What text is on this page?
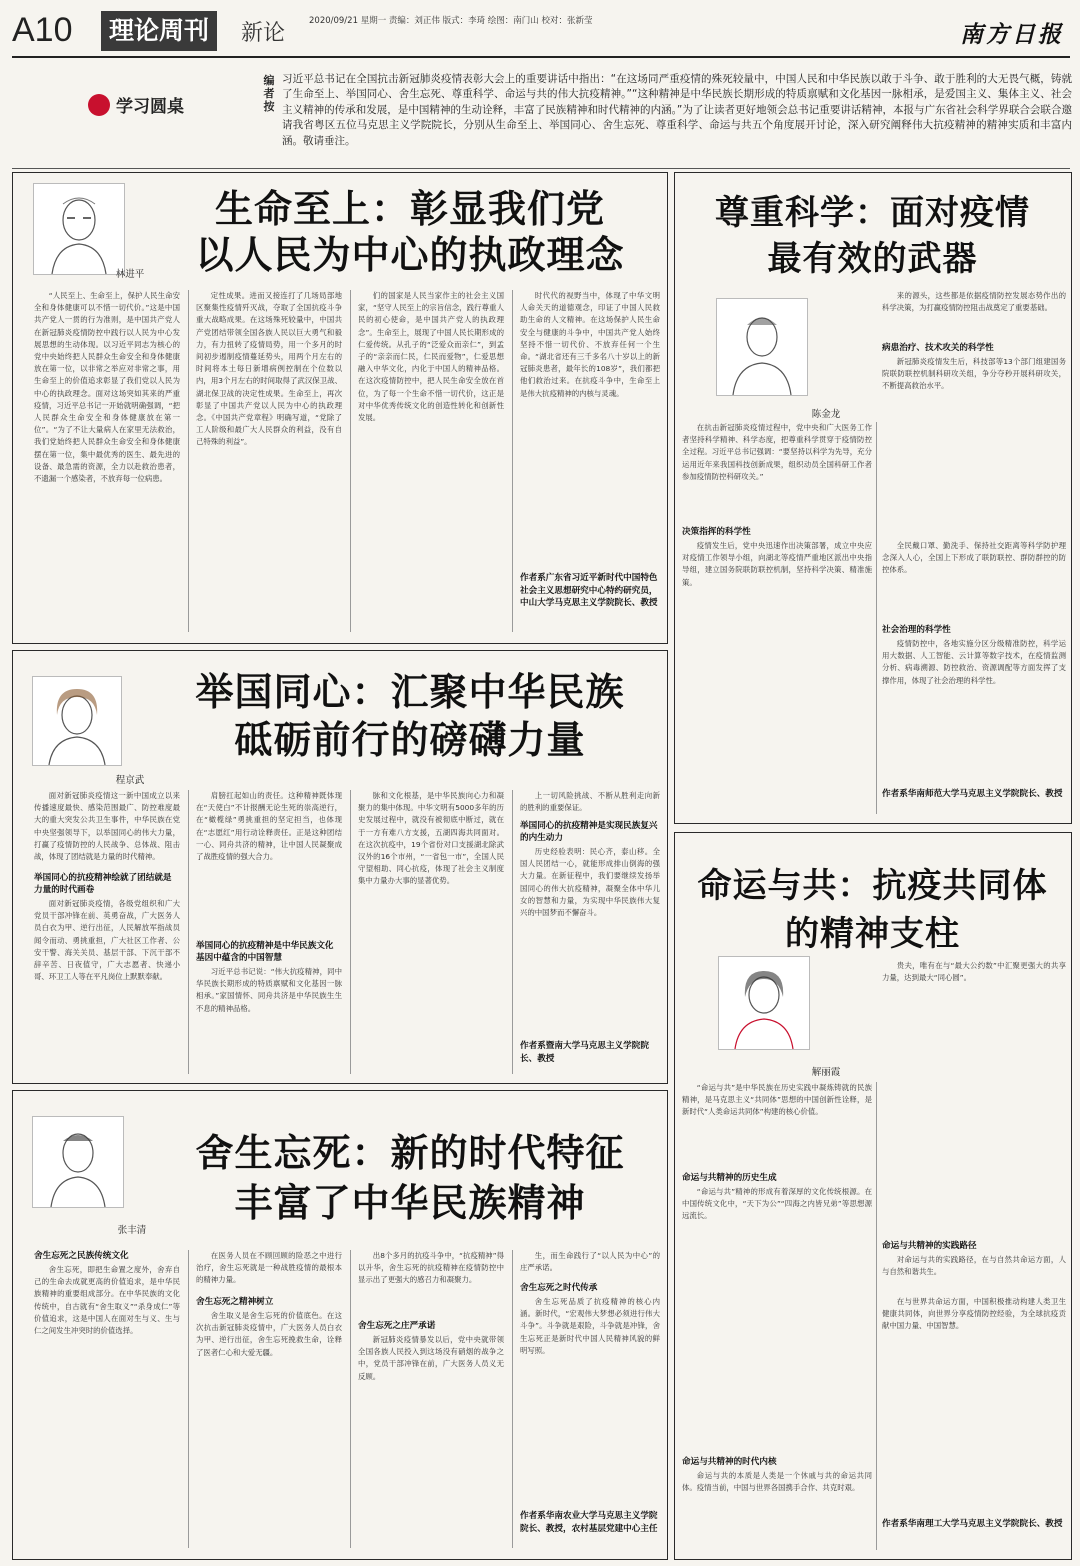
A10	理论周刊	新论	2020/09/21 星期一 责编：刘正伟 版式：李琦 绘图：南门山 校对：张新莹	南方日报
学习圆桌
编者按
习近平总书记在全国抗击新冠肺炎疫情表彰大会上的重要讲话中指出：“在这场同严重疫情的殊死较量中，中国人民和中华民族以敢于斗争、敢于胜利的大无畏气概，铸就了生命至上、举国同心、舍生忘死、尊重科学、命运与共的伟大抗疫精神。”“这种精神是中华民族长期形成的特质禀赋和文化基因一脉相承，是爱国主义、集体主义、社会主义精神的传承和发展，是中国精神的生动诠释，丰富了民族精神和时代精神的内涵。”为了让读者更好地领会总书记重要讲话精神，本报与广东省社会科学界联合会联合邀请我省粤区五位马克思主义学院院长，分别从生命至上、举国同心、舍生忘死、尊重科学、命运与共五个角度展开讨论，深入研究阐释伟大抗疫精神的精神实质和丰富内涵。敬请垂注。
林进平
生命至上：彰显我们党
以人民为中心的执政理念
“人民至上、生命至上，保护人民生命安全和身体健康可以不惜一切代价。”这是中国共产党人一贯的行为准则，是中国共产党人在新冠肺炎疫情防控中践行以人民为中心发展思想的生动体现。以习近平同志为核心的党中央始终把人民群众生命安全和身体健康放在第一位，以非常之举应对非常之事，用生命至上的价值追求彰显了我们党以人民为中心的执政理念。面对这场突如其来的严重疫情，习近平总书记一开始就明确强调，“把人民群众生命安全和身体健康放在第一位”。“为了不让大量病人在家里无法救治，我们党始终把人民群众生命安全和身体健康摆在第一位，集中最优秀的医生、最先进的设备、最急需的资源，全力以赴救治患者，不遗漏一个感染者，不放弃每一位病患。
定性成果。进而又接连打了几场局部地区聚集性疫情歼灭战，夺取了全国抗疫斗争重大战略成果。在这场殊死较量中，中国共产党团结带领全国各族人民以巨大勇气和毅力，有力扭转了疫情局势，用一个多月的时间初步遏制疫情蔓延势头，用两个月左右的时间将本土每日新增病例控制在个位数以内，用3个月左右的时间取得了武汉保卫战、湖北保卫战的决定性成果。生命至上，再次彰显了中国共产党以人民为中心的执政理念。《中国共产党章程》明确写道，“党除了工人阶级和最广大人民群众的利益，没有自己特殊的利益”。
们的国家是人民当家作主的社会主义国家，“坚守人民至上的宗旨信念，践行尊重人民的初心使命，是中国共产党人的执政理念”。生命至上，展现了中国人民长期形成的仁爱传统。从孔子的“泛爱众而亲仁”，到孟子的“亲亲而仁民，仁民而爱物”，仁爱思想融入中华文化，内化于中国人的精神品格。在这次疫情防控中，把人民生命安全放在首位，为了每一个生命不惜一切代价，这正是对中华优秀传统文化的创造性转化和创新性发展。
时代代的视野当中，体现了中华文明人命关天的道德观念，印证了中国人民救助生命的人文精神。在这场保护人民生命安全与健康的斗争中，中国共产党人始终坚持不惜一切代价、不放弃任何一个生命。“湖北省还有三千多名八十岁以上的新冠肺炎患者，最年长的108岁”，我们都把他们救治过来。在抗疫斗争中，生命至上是伟大抗疫精神的内核与灵魂。
作者系广东省习近平新时代中国特色社会主义思想研究中心特约研究员，中山大学马克思主义学院院长、教授
程京武
举国同心：汇聚中华民族
砥砺前行的磅礴力量
面对新冠肺炎疫情这一新中国成立以来传播速度最快、感染范围最广、防控难度最大的重大突发公共卫生事件，中华民族在党中央坚强领导下，以举国同心的伟大力量，打赢了疫情防控的人民战争、总体战、阻击战，体现了团结就是力量的时代精神。
举国同心的抗疫精神绘就了团结就是力量的时代画卷
面对新冠肺炎疫情，各级党组织和广大党员干部冲锋在前、英勇奋战，广大医务人员白衣为甲、逆行出征，人民解放军指战员闻令而动、勇挑重担，广大社区工作者、公安干警、海关关员、基层干部、下沉干部不辞辛苦、日夜值守，广大志愿者、快递小哥、环卫工人等在平凡岗位上默默奉献。
肩膀扛起如山的责任。这种精神既体现在“天使白”不计报酬无论生死的崇高逆行，在“橄榄绿”勇挑重担的坚定担当，也体现在“志愿红”用行动诠释责任。正是这种团结一心、同舟共济的精神，让中国人民凝聚成了战胜疫情的强大合力。
举国同心的抗疫精神是中华民族文化基因中蕴含的中国智慧
习近平总书记说：“伟大抗疫精神，同中华民族长期形成的特质禀赋和文化基因一脉相承。”家国情怀、同舟共济是中华民族生生不息的精神品格。
脉和文化根基，是中华民族向心力和凝聚力的集中体现。中华文明有5000多年的历史发展过程中，就没有被彻底中断过，就在于一方有难八方支援，五湖四海共同面对。在这次抗疫中，19个省份对口支援湖北除武汉外的16个市州，“一省包一市”，全国人民守望相助、同心抗疫，体现了社会主义制度集中力量办大事的显著优势。
上一切风险挑战、不断从胜利走向新的胜利的重要保证。
举国同心的抗疫精神是实现民族复兴的内生动力
历史经验表明：民心齐，泰山移。全国人民团结一心，就能形成排山倒海的强大力量。在新征程中，我们要继续发扬举国同心的伟大抗疫精神，凝聚全体中华儿女的智慧和力量，为实现中华民族伟大复兴的中国梦而不懈奋斗。
作者系暨南大学马克思主义学院院长、教授
张丰清
舍生忘死：新的时代特征
丰富了中华民族精神
舍生忘死之民族传统文化
舍生忘死，即把生命置之度外，舍弃自己的生命去成就更高的价值追求，是中华民族精神的重要组成部分。在中华民族的文化传统中，自古就有“舍生取义”“杀身成仁”等价值追求，这是中国人在面对生与义、生与仁之间发生冲突时的价值选择。
在医务人员在不顾回顾的险恶之中进行治疗，舍生忘死就是一种战胜疫情的最根本的精神力量。
舍生忘死之精神树立
舍生取义是舍生忘死的价值底色。在这次抗击新冠肺炎疫情中，广大医务人员白衣为甲、逆行出征，舍生忘死挽救生命，诠释了医者仁心和大爱无疆。
出8个多月的抗疫斗争中，“抗疫精神”得以升华，舍生忘死的抗疫精神在疫情防控中显示出了更强大的感召力和凝聚力。
舍生忘死之庄严承诺
新冠肺炎疫情暴发以后，党中央就带领全国各族人民投入到这场没有硝烟的战争之中，党员干部冲锋在前，广大医务人员义无反顾。
生，而生命践行了“以人民为中心”的庄严承诺。
舍生忘死之时代传承
舍生忘死品质了抗疫精神的核心内涵。新时代，“宏观伟大梦想必须进行伟大斗争”。斗争就是艰险，斗争就是冲锋，舍生忘死正是新时代中国人民精神风貌的鲜明写照。
作者系华南农业大学马克思主义学院院长、教授，农村基层党建中心主任
尊重科学：面对疫情
最有效的武器
陈金龙
来的源头，这些都是依据疫情防控发展态势作出的科学决策，为打赢疫情防控阻击战奠定了重要基础。
病患治疗、技术攻关的科学性
新冠肺炎疫情发生后，科技部等13个部门组建国务院联防联控机制科研攻关组，争分夺秒开展科研攻关，不断提高救治水平。
在抗击新冠肺炎疫情过程中，党中央和广大医务工作者坚持科学精神、科学态度，把尊重科学贯穿于疫情防控全过程。习近平总书记强调：“要坚持以科学为先导，充分运用近年来我国科技创新成果，组织动员全国科研工作者参加疫情防控科研攻关。”
决策指挥的科学性
疫情发生后，党中央迅速作出决策部署，成立中央应对疫情工作领导小组，向湖北等疫情严重地区派出中央指导组，建立国务院联防联控机制，坚持科学决策、精准施策。
全民戴口罩、勤洗手、保持社交距离等科学防护理念深入人心，全国上下形成了联防联控、群防群控的防控体系。
社会治理的科学性
疫情防控中，各地实施分区分级精准防控，科学运用大数据、人工智能、云计算等数字技术，在疫情监测分析、病毒溯源、防控救治、资源调配等方面发挥了支撑作用，体现了社会治理的科学性。
作者系华南师范大学马克思主义学院院长、教授
命运与共：抗疫共同体
的精神支柱
解丽霞
贵夫，唯有在与“最大公约数”中汇聚更强大的共享力量，达到最大“同心圆”。
“命运与共”是中华民族在历史实践中凝炼铸就的民族精神，是马克思主义“共同体”思想的中国创新性诠释，是新时代“人类命运共同体”构建的核心价值。
命运与共精神的历史生成
“命运与共”精神的形成有着深厚的文化传统根源。在中国传统文化中，“天下为公”“四海之内皆兄弟”等思想源远流长。
命运与共精神的时代内核
命运与共的本质是人类是一个休戚与共的命运共同体。疫情当前，中国与世界各国携手合作、共克时艰。
命运与共精神的实践路径
对命运与共的实践路径，在与自然共命运方面，人与自然和谐共生。
在与世界共命运方面，中国积极推动构建人类卫生健康共同体，向世界分享疫情防控经验，为全球抗疫贡献中国力量、中国智慧。
作者系华南理工大学马克思主义学院院长、教授
